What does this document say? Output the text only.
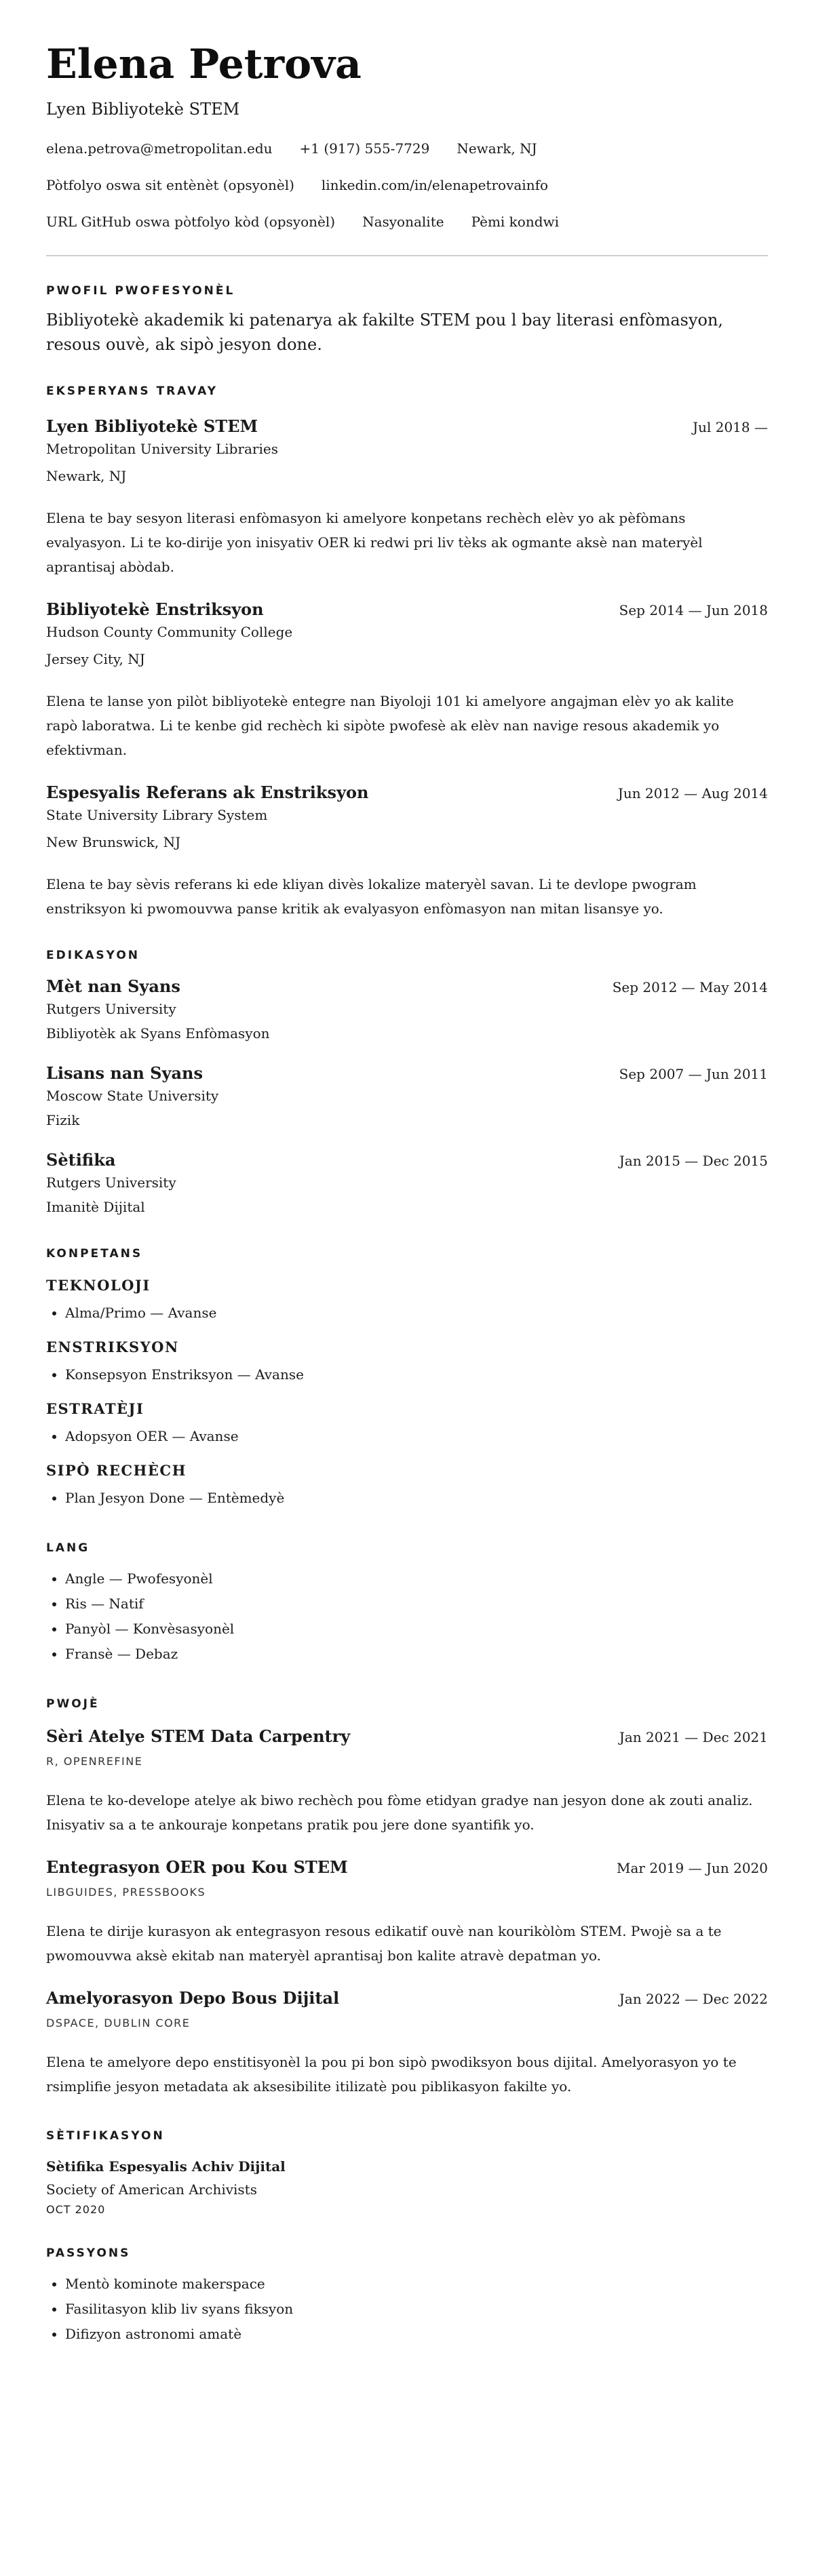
Elena Petrova
Lyen Bibliyotekè STEM
elena.petrova@metropolitan.edu +1 (917) 555-7729 Newark, NJ
Pòtfolyo oswa sit entènèt (opsyonèl) linkedin.com/in/elenapetrovainfo
URL GitHub oswa pòtfolyo kòd (opsyonèl) Nasyonalite Pèmi kondwi
PWOFIL PWOFESYONÈL
Bibliyotekè akademik ki patenarya ak fakilte STEM pou l bay literasi enfòmasyon, resous ouvè, ak sipò jesyon done.
EKSPERYANS TRAVAY
Lyen Bibliyotekè STEM	Jul 2018 —
Metropolitan University Libraries
Newark, NJ
Elena te bay sesyon literasi enfòmasyon ki amelyore konpetans rechèch elèv yo ak pèfòmans evalyasyon. Li te ko-dirije yon inisyativ OER ki redwi pri liv tèks ak ogmante aksè nan materyèl aprantisaj abòdab.
Bibliyotekè Enstriksyon	Sep 2014 — Jun 2018
Hudson County Community College
Jersey City, NJ
Elena te lanse yon pilòt bibliyotekè entegre nan Biyoloji 101 ki amelyore angajman elèv yo ak kalite rapò laboratwa. Li te kenbe gid rechèch ki sipòte pwofesè ak elèv nan navige resous akademik yo efektivman.
Espesyalis Referans ak Enstriksyon	Jun 2012 — Aug 2014
State University Library System
New Brunswick, NJ
Elena te bay sèvis referans ki ede kliyan divès lokalize materyèl savan. Li te devlope pwogram enstriksyon ki pwomouvwa panse kritik ak evalyasyon enfòmasyon nan mitan lisansye yo.
EDIKASYON
Mèt nan Syans	Sep 2012 — May 2014
Rutgers University
Bibliyotèk ak Syans Enfòmasyon
Lisans nan Syans	Sep 2007 — Jun 2011
Moscow State University
Fizik
Sètifika	Jan 2015 — Dec 2015
Rutgers University
Imanitè Dijital
KONPETANS
TEKNOLOJI
• Alma/Primo — Avanse
ENSTRIKSYON
• Konsepsyon Enstriksyon — Avanse
ESTRATÈJI
• Adopsyon OER — Avanse
SIPÒ RECHÈCH
• Plan Jesyon Done — Entèmedyè
LANG
• Angle — Pwofesyonèl
• Ris — Natif
• Panyòl — Konvèsasyonèl
• Fransè — Debaz
PWOJÈ
Sèri Atelye STEM Data Carpentry	Jan 2021 — Dec 2021
R, OPENREFINE
Elena te ko-develope atelye ak biwo rechèch pou fòme etidyan gradye nan jesyon done ak zouti analiz. Inisyativ sa a te ankouraje konpetans pratik pou jere done syantifik yo.
Entegrasyon OER pou Kou STEM	Mar 2019 — Jun 2020
LIBGUIDES, PRESSBOOKS
Elena te dirije kurasyon ak entegrasyon resous edikatif ouvè nan kourikòlòm STEM. Pwojè sa a te pwomouvwa aksè ekitab nan materyèl aprantisaj bon kalite atravè depatman yo.
Amelyorasyon Depo Bous Dijital	Jan 2022 — Dec 2022
DSPACE, DUBLIN CORE
Elena te amelyore depo enstitisyonèl la pou pi bon sipò pwodiksyon bous dijital. Amelyorasyon yo te rsimplifie jesyon metadata ak aksesibilite itilizatè pou piblikasyon fakilte yo.
SÈTIFIKASYON
Sètifika Espesyalis Achiv Dijital
Society of American Archivists
OCT 2020
PASSYONS
• Mentò kominote makerspace
• Fasilitasyon klib liv syans fiksyon
• Difizyon astronomi amatè
